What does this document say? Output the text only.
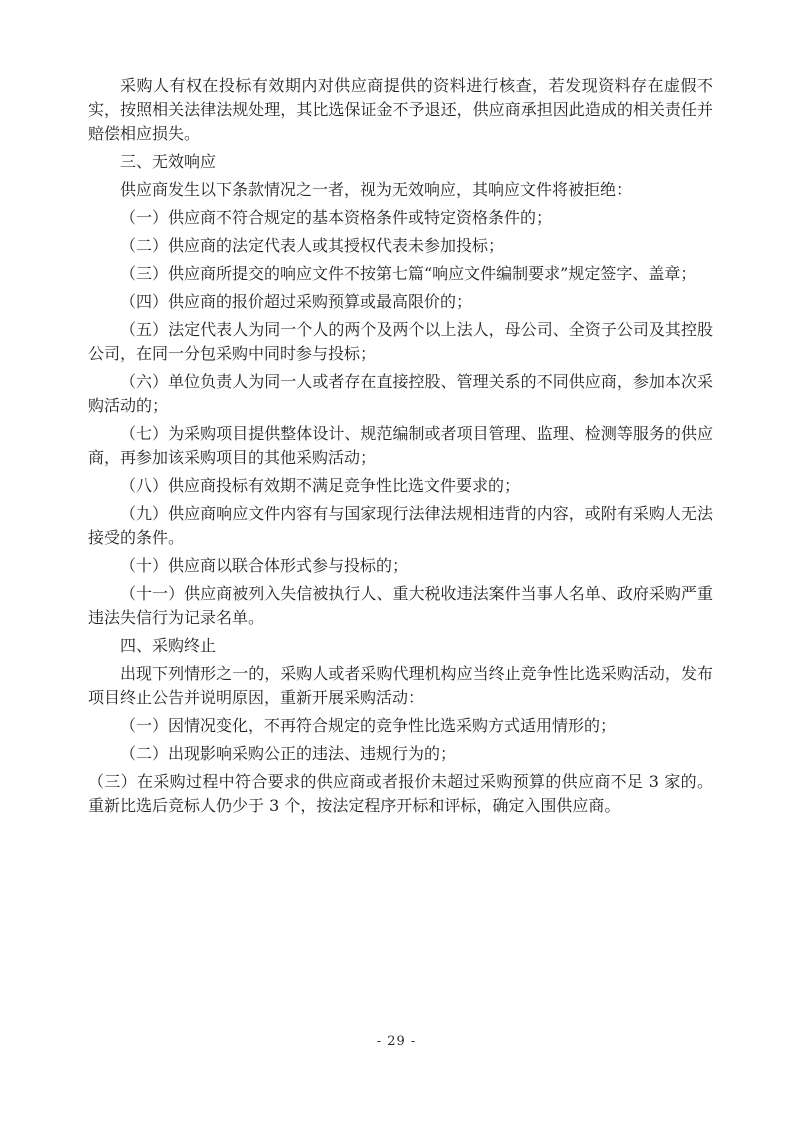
采购人有权在投标有效期内对供应商提供的资料进行核查，若发现资料存在虚假不实，按照相关法律法规处理，其比选保证金不予退还，供应商承担因此造成的相关责任并赔偿相应损失。

三、无效响应

供应商发生以下条款情况之一者，视为无效响应，其响应文件将被拒绝：

（一）供应商不符合规定的基本资格条件或特定资格条件的；

（二）供应商的法定代表人或其授权代表未参加投标；

（三）供应商所提交的响应文件不按第七篇“响应文件编制要求”规定签字、盖章；

（四）供应商的报价超过采购预算或最高限价的；

（五）法定代表人为同一个人的两个及两个以上法人，母公司、全资子公司及其控股公司，在同一分包采购中同时参与投标；

（六）单位负责人为同一人或者存在直接控股、管理关系的不同供应商，参加本次采购活动的；

（七）为采购项目提供整体设计、规范编制或者项目管理、监理、检测等服务的供应商，再参加该采购项目的其他采购活动；

（八）供应商投标有效期不满足竞争性比选文件要求的；

（九）供应商响应文件内容有与国家现行法律法规相违背的内容，或附有采购人无法接受的条件。

（十）供应商以联合体形式参与投标的；

（十一）供应商被列入失信被执行人、重大税收违法案件当事人名单、政府采购严重违法失信行为记录名单。

四、采购终止

出现下列情形之一的，采购人或者采购代理机构应当终止竞争性比选采购活动，发布项目终止公告并说明原因，重新开展采购活动：

（一）因情况变化，不再符合规定的竞争性比选采购方式适用情形的；

（二）出现影响采购公正的违法、违规行为的；

（三）在采购过程中符合要求的供应商或者报价未超过采购预算的供应商不足 3 家的。重新比选后竞标人仍少于 3 个，按法定程序开标和评标，确定入围供应商。

- 29 -
